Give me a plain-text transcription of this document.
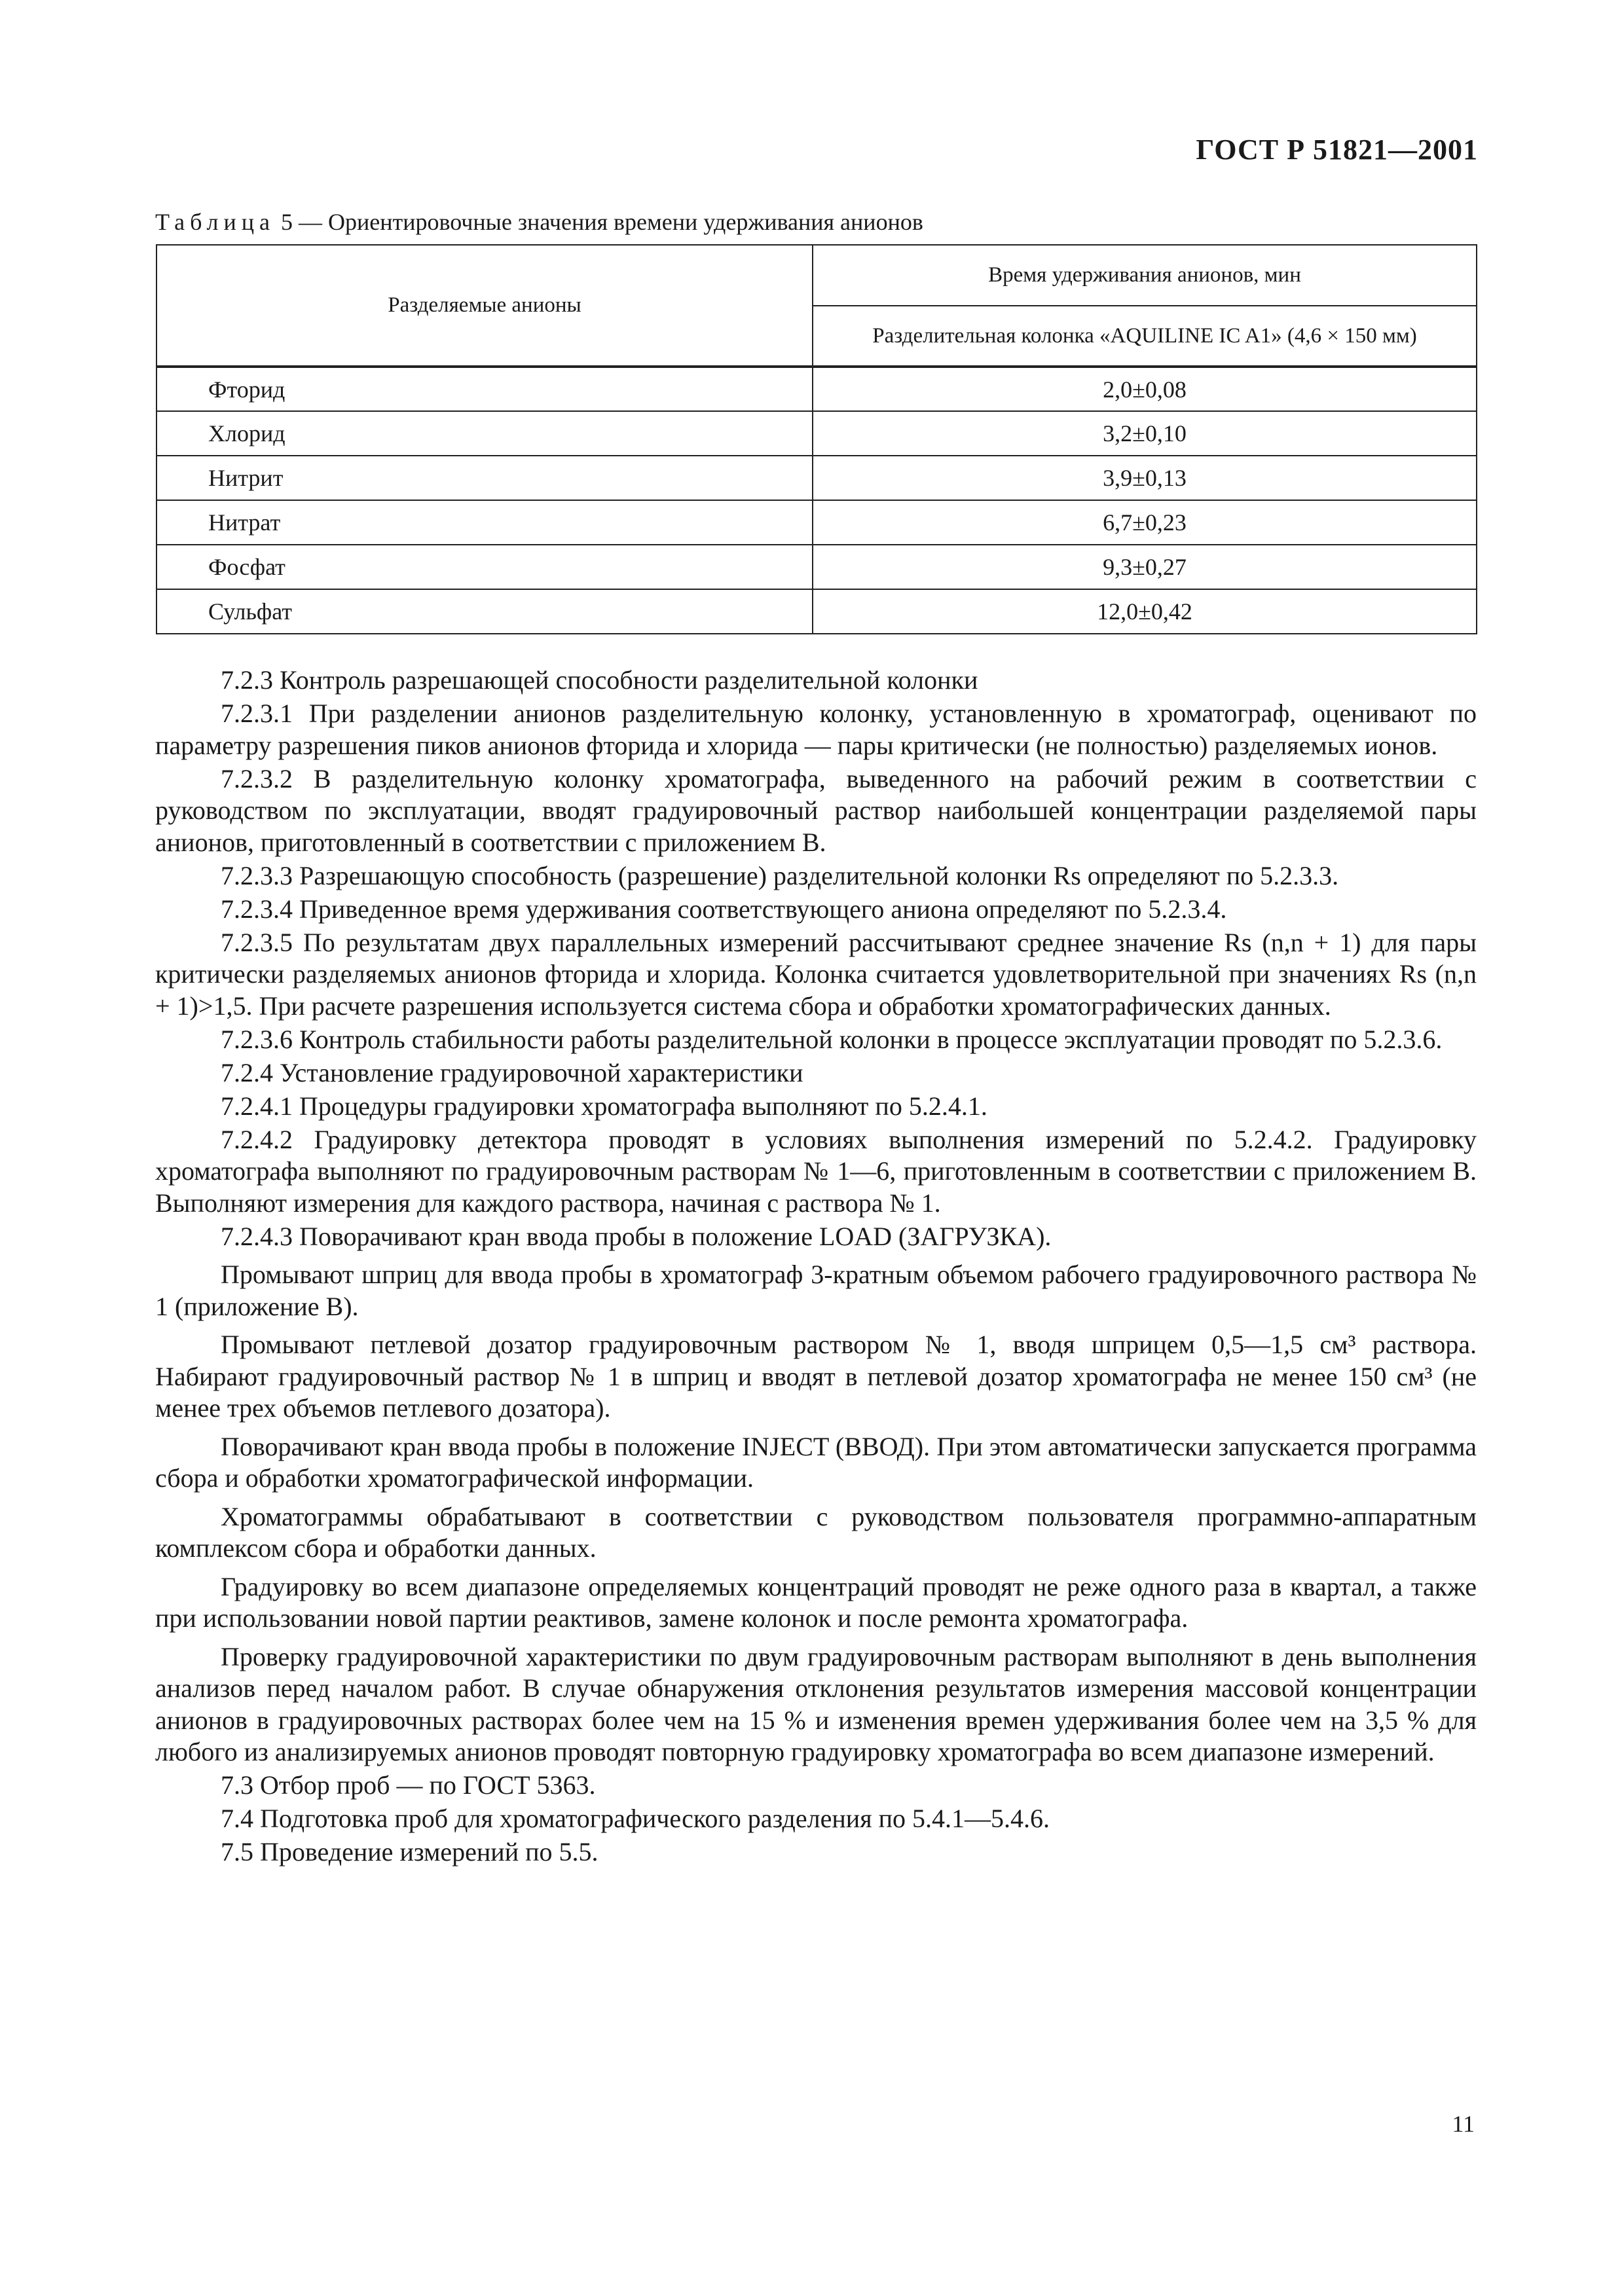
ГОСТ Р 51821—2001
Таблица 5 — Ориентировочные значения времени удерживания анионов
Разделяемые анионы	Время удерживания анионов, мин
	Разделительная колонка «AQUILINE IC A1» (4,6 × 150 мм)
Фторид	2,0±0,08
Хлорид	3,2±0,10
Нитрит	3,9±0,13
Нитрат	6,7±0,23
Фосфат	9,3±0,27
Сульфат	12,0±0,42

7.2.3 Контроль разрешающей способности разделительной колонки

7.2.3.1 При разделении анионов разделительную колонку, установленную в хроматограф, оценивают по параметру разрешения пиков анионов фторида и хлорида — пары критически (не полностью) разделяемых ионов.

7.2.3.2 В разделительную колонку хроматографа, выведенного на рабочий режим в соответствии с руководством по эксплуатации, вводят градуировочный раствор наибольшей концентрации разделяемой пары анионов, приготовленный в соответствии с приложением В.

7.2.3.3 Разрешающую способность (разрешение) разделительной колонки Rs определяют по 5.2.3.3.

7.2.3.4 Приведенное время удерживания соответствующего аниона определяют по 5.2.3.4.

7.2.3.5 По результатам двух параллельных измерений рассчитывают среднее значение Rs (n,n + 1) для пары критически разделяемых анионов фторида и хлорида. Колонка считается удовлетворительной при значениях Rs (n,n + 1)>1,5. При расчете разрешения используется система сбора и обработки хроматографических данных.

7.2.3.6 Контроль стабильности работы разделительной колонки в процессе эксплуатации проводят по 5.2.3.6.

7.2.4 Установление градуировочной характеристики

7.2.4.1 Процедуры градуировки хроматографа выполняют по 5.2.4.1.

7.2.4.2 Градуировку детектора проводят в условиях выполнения измерений по 5.2.4.2. Градуировку хроматографа выполняют по градуировочным растворам № 1—6, приготовленным в соответствии с приложением В. Выполняют измерения для каждого раствора, начиная с раствора № 1.

7.2.4.3 Поворачивают кран ввода пробы в положение LOAD (ЗАГРУЗКА).

Промывают шприц для ввода пробы в хроматограф 3-кратным объемом рабочего градуировочного раствора № 1 (приложение В).

Промывают петлевой дозатор градуировочным раствором № 1, вводя шприцем 0,5—1,5 см³ раствора. Набирают градуировочный раствор № 1 в шприц и вводят в петлевой дозатор хроматографа не менее 150 см³ (не менее трех объемов петлевого дозатора).

Поворачивают кран ввода пробы в положение INJECT (ВВОД). При этом автоматически запускается программа сбора и обработки хроматографической информации.

Хроматограммы обрабатывают в соответствии с руководством пользователя программно-аппаратным комплексом сбора и обработки данных.

Градуировку во всем диапазоне определяемых концентраций проводят не реже одного раза в квартал, а также при использовании новой партии реактивов, замене колонок и после ремонта хроматографа.

Проверку градуировочной характеристики по двум градуировочным растворам выполняют в день выполнения анализов перед началом работ. В случае обнаружения отклонения результатов измерения массовой концентрации анионов в градуировочных растворах более чем на 15 % и изменения времен удерживания более чем на 3,5 % для любого из анализируемых анионов проводят повторную градуировку хроматографа во всем диапазоне измерений.

7.3 Отбор проб — по ГОСТ 5363.

7.4 Подготовка проб для хроматографического разделения по 5.4.1—5.4.6.

7.5 Проведение измерений по 5.5.

11
